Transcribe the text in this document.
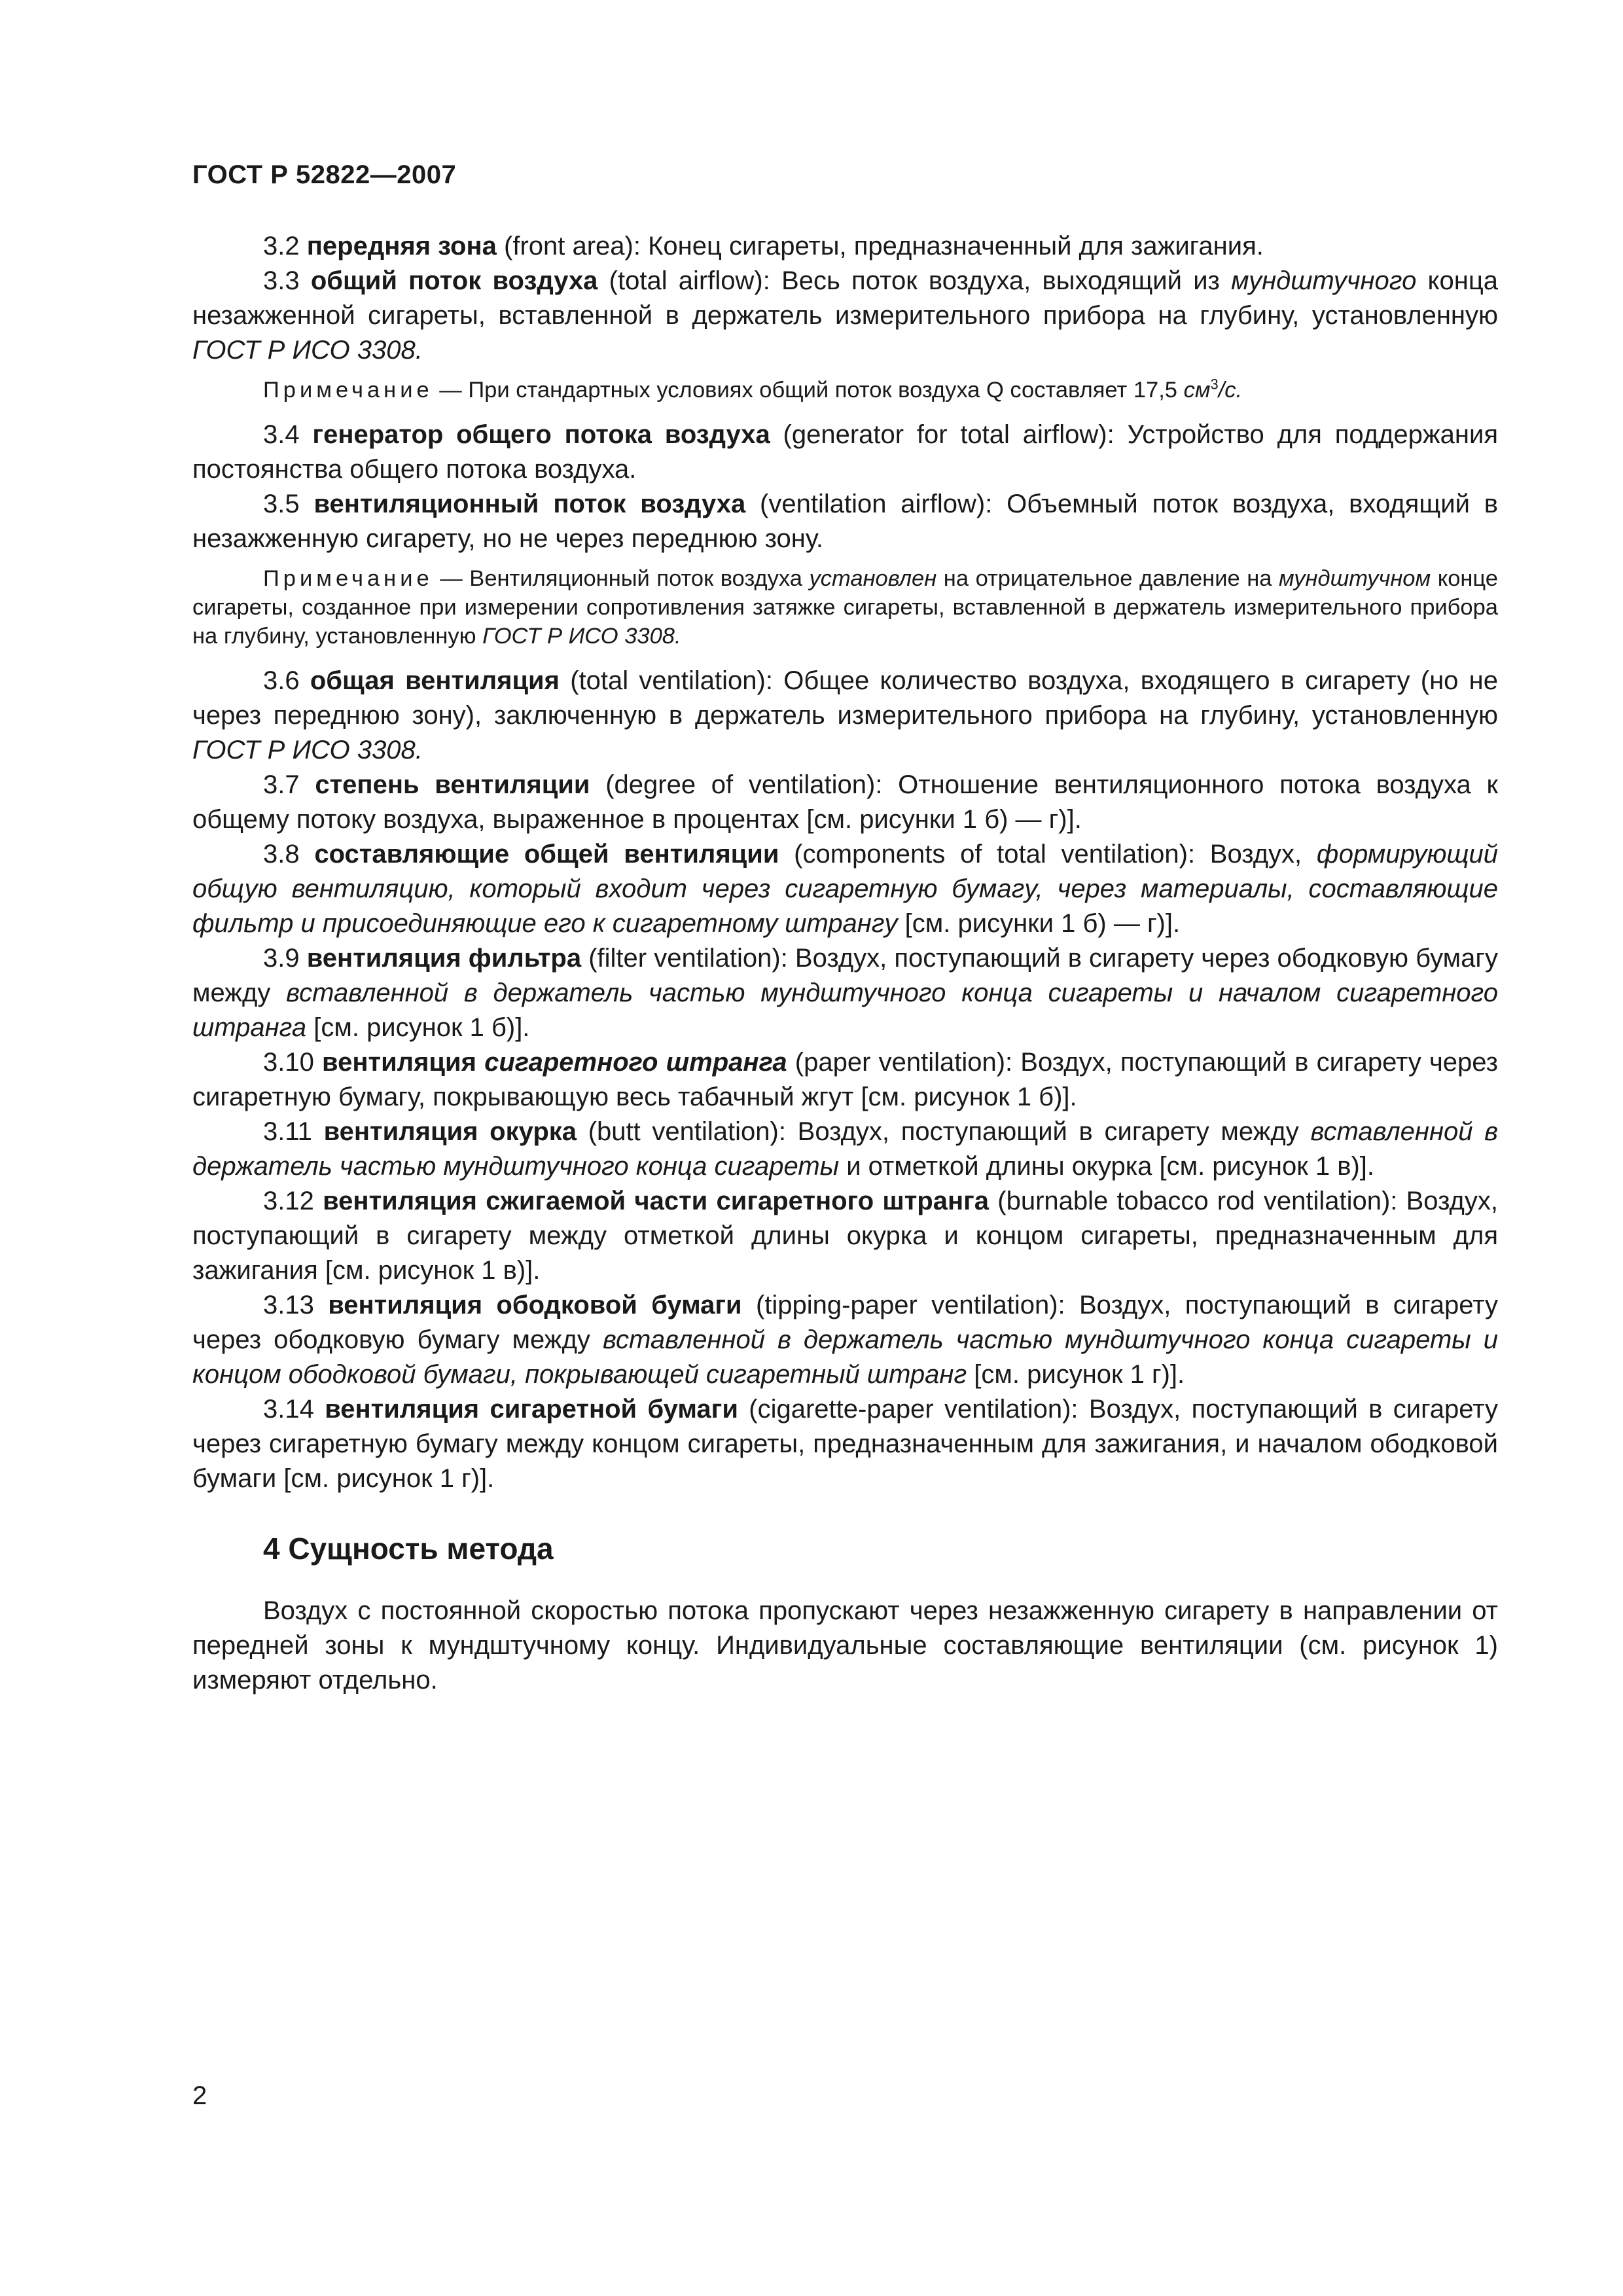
ГОСТ Р 52822—2007

3.2 передняя зона (front area): Конец сигареты, предназначенный для зажигания.

3.3 общий поток воздуха (total airflow): Весь поток воздуха, выходящий из мундштучного конца незажженной сигареты, вставленной в держатель измерительного прибора на глубину, установленную ГОСТ Р ИСО 3308.

Примечание — При стандартных условиях общий поток воздуха Q составляет 17,5 $см^3/с$.

3.4 генератор общего потока воздуха (generator for total airflow): Устройство для поддержания постоянства общего потока воздуха.

3.5 вентиляционный поток воздуха (ventilation airflow): Объемный поток воздуха, входящий в незажженную сигарету, но не через переднюю зону.

Примечание — Вентиляционный поток воздуха установлен на отрицательное давление на мундштучном конце сигареты, созданное при измерении сопротивления затяжке сигареты, вставленной в держатель измерительного прибора на глубину, установленную ГОСТ Р ИСО 3308.

3.6 общая вентиляция (total ventilation): Общее количество воздуха, входящего в сигарету (но не через переднюю зону), заключенную в держатель измерительного прибора на глубину, установленную ГОСТ Р ИСО 3308.

3.7 степень вентиляции (degree of ventilation): Отношение вентиляционного потока воздуха к общему потоку воздуха, выраженное в процентах [см. рисунки 1 б) — г)].

3.8 составляющие общей вентиляции (components of total ventilation): Воздух, формирующий общую вентиляцию, который входит через сигаретную бумагу, через материалы, составляющие фильтр и присоединяющие его к сигаретному штрангу [см. рисунки 1 б) — г)].

3.9 вентиляция фильтра (filter ventilation): Воздух, поступающий в сигарету через ободковую бумагу между вставленной в держатель частью мундштучного конца сигареты и началом сигаретного штранга [см. рисунок 1 б)].

3.10 вентиляция сигаретного штранга (paper ventilation): Воздух, поступающий в сигарету через сигаретную бумагу, покрывающую весь табачный жгут [см. рисунок 1 б)].

3.11 вентиляция окурка (butt ventilation): Воздух, поступающий в сигарету между вставленной в держатель частью мундштучного конца сигареты и отметкой длины окурка [см. рисунок 1 в)].

3.12 вентиляция сжигаемой части сигаретного штранга (burnable tobacco rod ventilation): Воздух, поступающий в сигарету между отметкой длины окурка и концом сигареты, предназначенным для зажигания [см. рисунок 1 в)].

3.13 вентиляция ободковой бумаги (tipping-paper ventilation): Воздух, поступающий в сигарету через ободковую бумагу между вставленной в держатель частью мундштучного конца сигареты и концом ободковой бумаги, покрывающей сигаретный штранг [см. рисунок 1 г)].

3.14 вентиляция сигаретной бумаги (cigarette-paper ventilation): Воздух, поступающий в сигарету через сигаретную бумагу между концом сигареты, предназначенным для зажигания, и началом ободковой бумаги [см. рисунок 1 г)].

4 Сущность метода

Воздух с постоянной скоростью потока пропускают через незажженную сигарету в направлении от передней зоны к мундштучному концу. Индивидуальные составляющие вентиляции (см. рисунок 1) измеряют отдельно.

2
